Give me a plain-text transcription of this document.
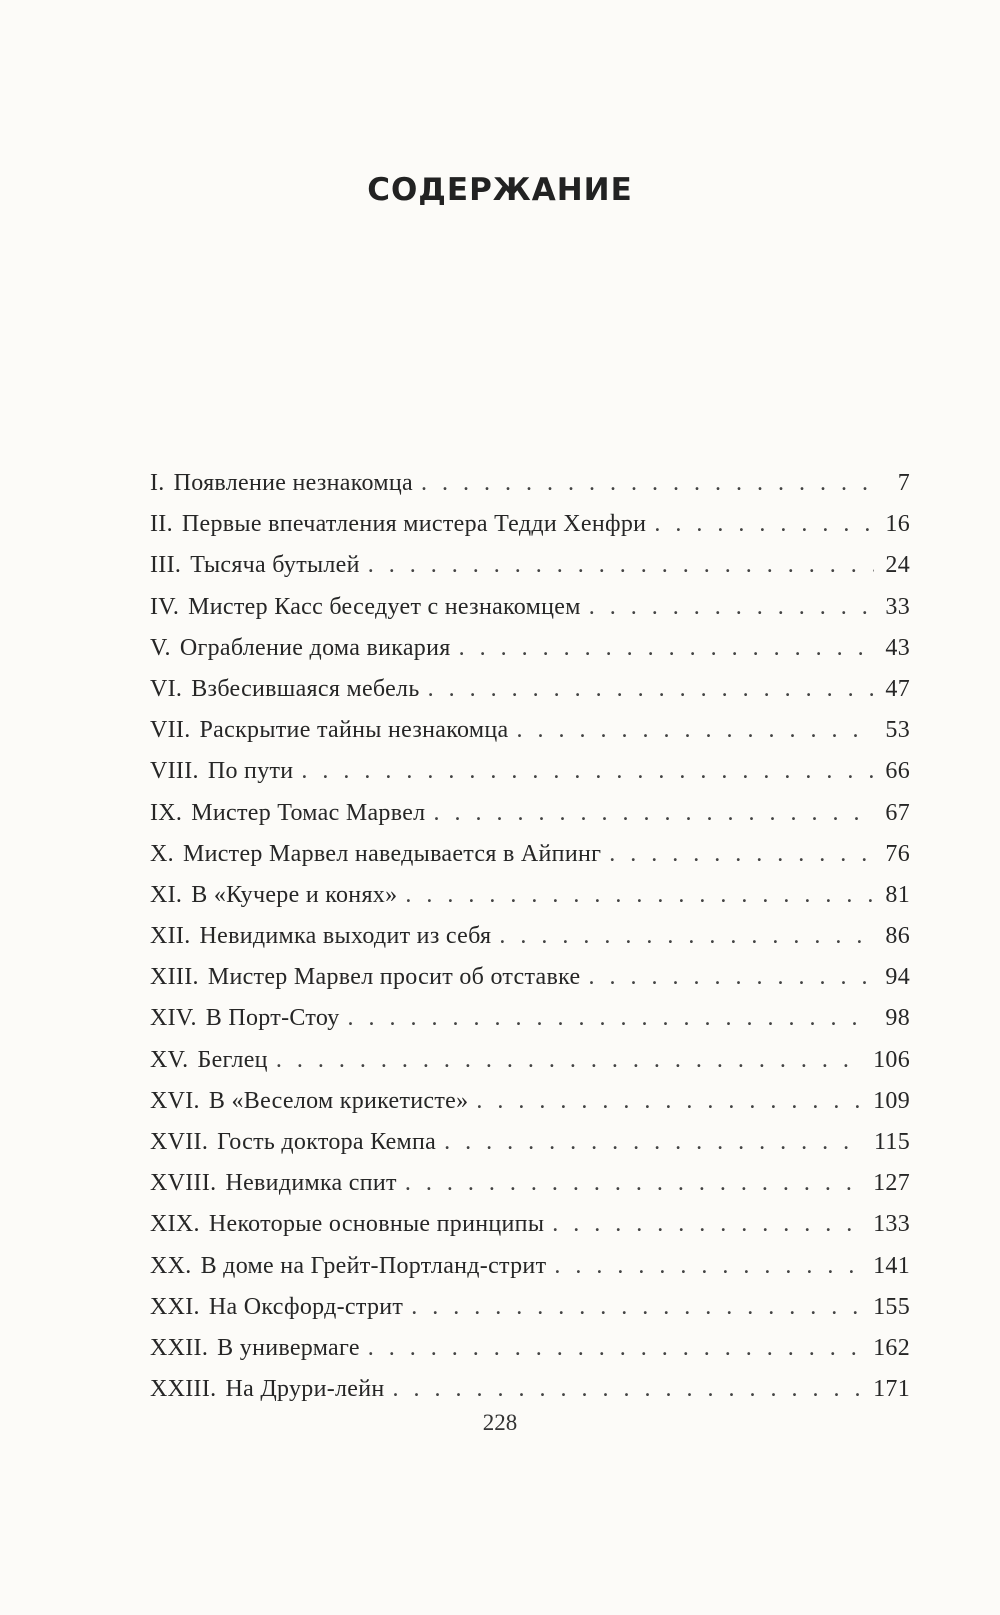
СОДЕРЖАНИЕ
I. Появление незнакомца . . .	7
II. Первые впечатления мистера Тедди Хенфри . . .	16
III. Тысяча бутылей . . .	24
IV. Мистер Касс беседует с незнакомцем . . .	33
V. Ограбление дома викария . . .	43
VI. Взбесившаяся мебель . . .	47
VII. Раскрытие тайны незнакомца . . .	53
VIII. По пути . . .	66
IX. Мистер Томас Марвел . . .	67
X. Мистер Марвел наведывается в Айпинг . . .	76
XI. В «Кучере и конях» . . .	81
XII. Невидимка выходит из себя . . .	86
XIII. Мистер Марвел просит об отставке . . .	94
XIV. В Порт-Стоу . . .	98
XV. Беглец . . .	106
XVI. В «Веселом крикетисте» . . .	109
XVII. Гость доктора Кемпа . . .	115
XVIII. Невидимка спит . . .	127
XIX. Некоторые основные принципы . . .	133
XX. В доме на Грейт-Портланд-стрит . . .	141
XXI. На Оксфорд-стрит . . .	155
XXII. В универмаге . . .	162
XXIII. На Друри-лейн . . .	171
228
